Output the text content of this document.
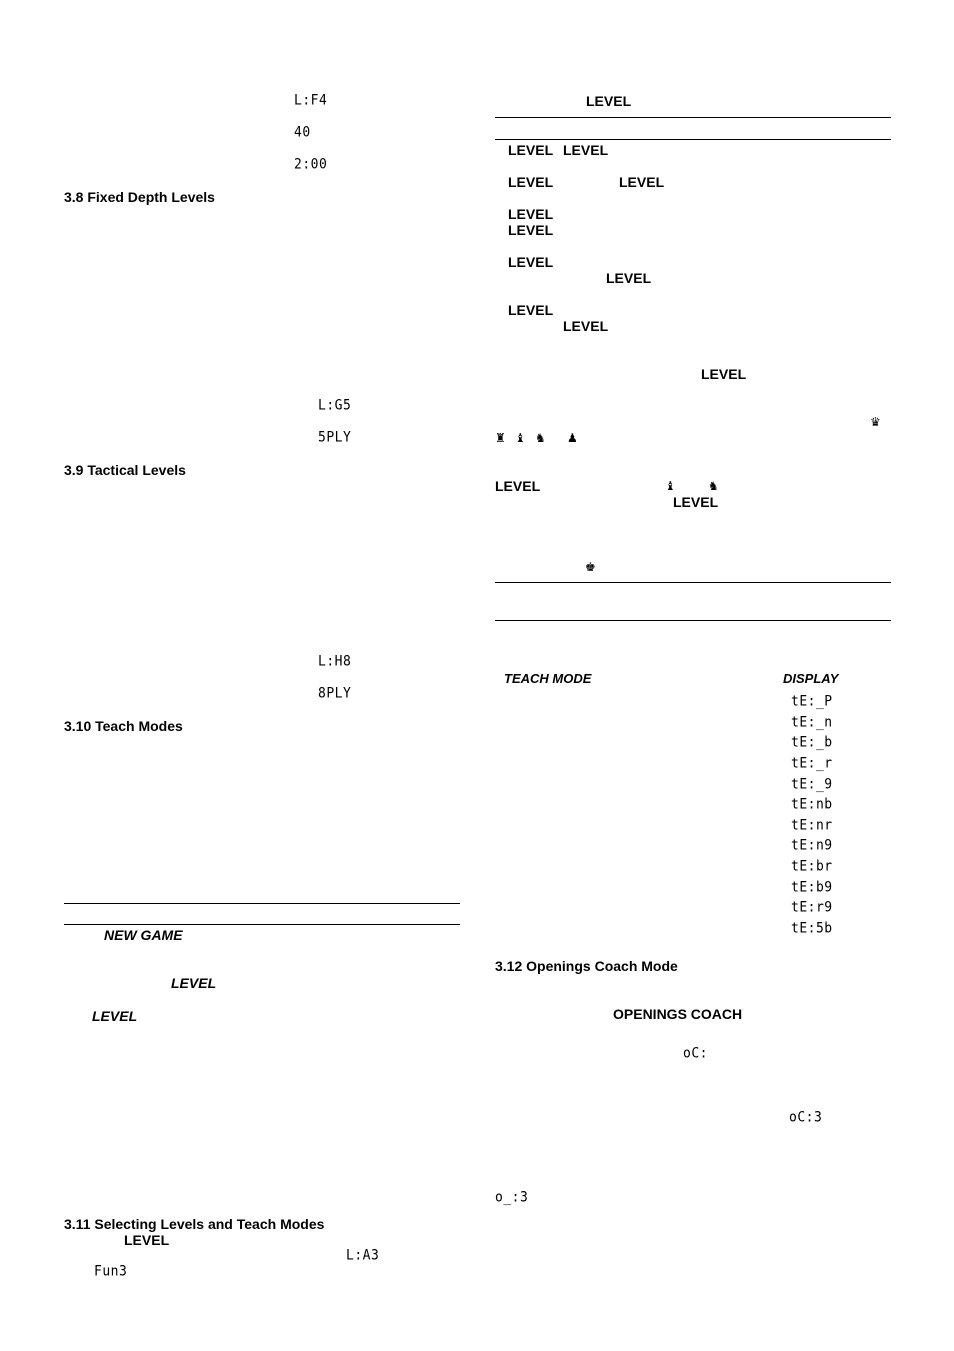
L:F4
40
2:00
3.8 Fixed Depth Levels
L:G5
5PLY
3.9 Tactical Levels
L:H8
8PLY
3.10 Teach Modes
NEW GAME
LEVEL
LEVEL
3.11 Selecting Levels and Teach Modes
LEVEL
L:A3
Fun3
LEVEL
LEVEL LEVEL
LEVEL	LEVEL
LEVEL
LEVEL
LEVEL
LEVEL
LEVEL
LEVEL
LEVEL
♛
♜ ♝ ♞ ♟
LEVEL	♝	♞
LEVEL
♚
TEACH MODE	DISPLAY
tE:_P
tE:_n
tE:_b
tE:_r
tE:_9
tE:nb
tE:nr
tE:n9
tE:br
tE:b9
tE:r9
tE:5b
3.12 Openings Coach Mode
OPENINGS COACH
oC:
oC:3
o_:3
